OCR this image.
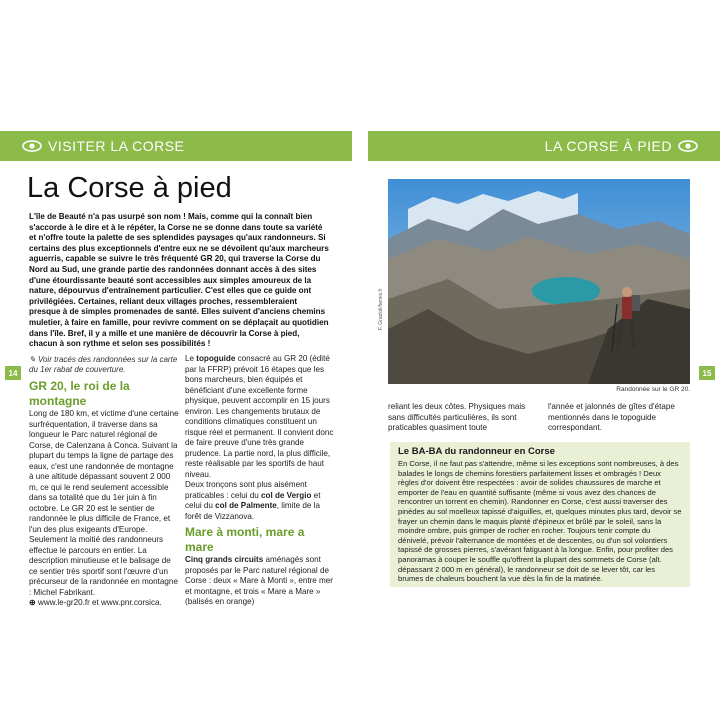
VISITER LA CORSE	LA CORSE À PIED
14	15
La Corse à pied
L'île de Beauté n'a pas usurpé son nom ! Mais, comme qui la connaît bien s'accorde à le dire et à le répéter, la Corse ne se donne dans toute sa variété et n'offre toute la palette de ses splendides paysages qu'aux randonneurs. Si certains des plus exceptionnels d'entre eux ne se dévoilent qu'aux marcheurs aguerris, capable se suivre le très fréquenté GR 20, qui traverse la Corse du Nord au Sud, une grande partie des randonnées donnant accès à des sites d'une étourdissante beauté sont accessibles aux simples amoureux de la nature, dépourvus d'entraînement particulier. C'est elles que ce guide ont privilégiées. Certaines, reliant deux villages proches, ressembleraient presque à de simples promenades de santé. Elles suivent d'anciens chemins muletier, à faire en famille, pour revivre comment on se déplaçait au quotidien dans l'île. Bref, il y a mille et une manière de découvrir la Corse à pied, chacun à son rythme et selon ses possibilités !
✎ Voir tracés des randonnées sur la carte du 1er rabat de couverture.
GR 20, le roi de la montagne
Long de 180 km, et victime d'une certaine surfréquentation, il traverse dans sa longueur le Parc naturel régional de Corse, de Calenzana à Conca. Suivant la plupart du temps la ligne de partage des eaux, c'est une randonnée de montagne à une altitude dépassant souvent 2 000 m, ce qui le rend seulement accessible dans sa totalité que du 1er juin à fin octobre. Le GR 20 est le sentier de randonnée le plus difficile de France, et l'un des plus exigeants d'Europe. Seulement la moitié des randonneurs effectue le parcours en entier. La description minutieuse et le balisage de ce sentier très sportif sont l'œuvre d'un précurseur de la randonnée en montagne : Michel Fabrikant.
⊕ www.le-gr20.fr et www.pnr.corsica.
Le topoguide consacré au GR 20 (édité par la FFRP) prévoit 16 étapes que les bons marcheurs, bien équipés et bénéficiant d'une excellente forme physique, peuvent accomplir en 15 jours environ. Les changements brutaux de conditions climatiques constituent un risque réel et permanent. Il convient donc de faire preuve d'une très grande prudence. La partie nord, la plus difficile, reste réalisable par les sportifs de haut niveau.
Deux tronçons sont plus aisément praticables : celui du col de Vergio et celui du col de Palmente, limite de la forêt de Vizzanova.
Mare à monti, mare a mare
Cinq grands circuits aménagés sont proposés par le Parc naturel régional de Corse : deux « Mare à Monti », entre mer et montagne, et trois « Mare a Mare » (balisés en orange)
F. Grazioli/hemis.fr
Randonnée sur le GR 20.
reliant les deux côtes. Physiques mais sans difficultés particulières, ils sont praticables quasiment toute
l'année et jalonnés de gîtes d'étape mentionnés dans le topoguide correspondant.
Le BA-BA du randonneur en Corse
En Corse, il ne faut pas s'attendre, même si les exceptions sont nombreuses, à des balades le longs de chemins forestiers parfaitement lisses et ombragés ! Deux règles d'or doivent être respectées : avoir de solides chaussures de marche et emporter de l'eau en quantité suffisante (même si vous avez des chances de rencontrer un torrent en chemin). Randonner en Corse, c'est aussi traverser des pinèdes au sol moelleux tapissé d'aiguilles, et, quelques minutes plus tard, devoir se frayer un chemin dans le maquis planté d'épineux et brûlé par le soleil, sans la moindre ombre, puis grimper de rocher en rocher. Toujours tenir compte du dénivelé, prévoir l'alternance de montées et de descentes, ou d'un sol volontiers tapissé de grosses pierres, s'avérant fatiguant à la longue. Enfin, pour profiter des panoramas à couper le souffle qu'offrent la plupart des sommets de Corse (alt. dépassant 2 000 m en général), le randonneur se doit de se lever tôt, car les brumes de chaleurs bouchent la vue dès la fin de la matinée.
